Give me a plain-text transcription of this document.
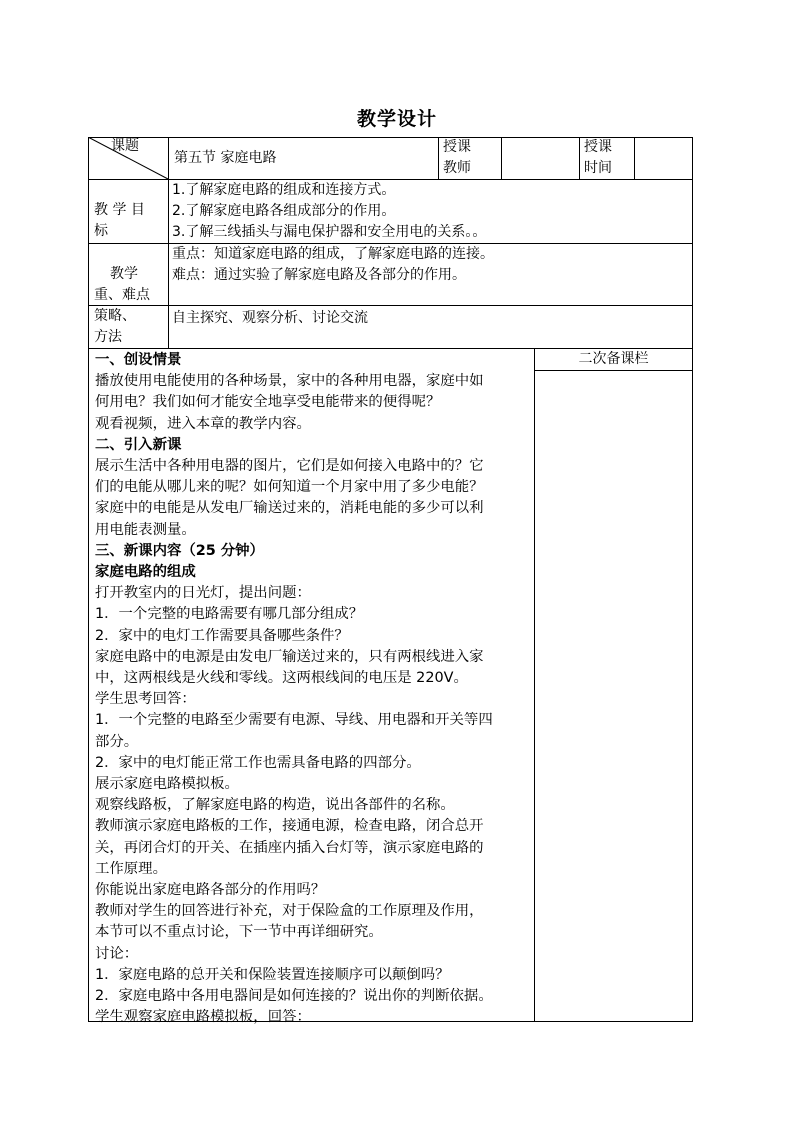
教学设计
课题
第五节 家庭电路
授课
教师
授课
时间
教 学 目
标
1.了解家庭电路的组成和连接方式。
2.了解家庭电路各组成部分的作用。
3.了解三线插头与漏电保护器和安全用电的关系。。
教学
重、难点
重点：知道家庭电路的组成，了解家庭电路的连接。
难点：通过实验了解家庭电路及各部分的作用。
策略、
方法
自主探究、观察分析、讨论交流
二次备课栏
一、创设情景
播放使用电能使用的各种场景，家中的各种用电器，家庭中如
何用电？我们如何才能安全地享受电能带来的便得呢？
观看视频，进入本章的教学内容。
二、引入新课
展示生活中各种用电器的图片，它们是如何接入电路中的？它
们的电能从哪儿来的呢？如何知道一个月家中用了多少电能？
家庭中的电能是从发电厂输送过来的，消耗电能的多少可以利
用电能表测量。
三、新课内容（25 分钟）
家庭电路的组成
打开教室内的日光灯，提出问题：
1．一个完整的电路需要有哪几部分组成？
2．家中的电灯工作需要具备哪些条件？
家庭电路中的电源是由发电厂输送过来的，只有两根线进入家
中，这两根线是火线和零线。这两根线间的电压是 220V。
学生思考回答：
1．一个完整的电路至少需要有电源、导线、用电器和开关等四
部分。
2．家中的电灯能正常工作也需具备电路的四部分。
展示家庭电路模拟板。
观察线路板，了解家庭电路的构造，说出各部件的名称。
教师演示家庭电路板的工作，接通电源，检查电路，闭合总开
关，再闭合灯的开关、在插座内插入台灯等，演示家庭电路的
工作原理。
你能说出家庭电路各部分的作用吗？
教师对学生的回答进行补充，对于保险盒的工作原理及作用，
本节可以不重点讨论，下一节中再详细研究。
讨论：
1．家庭电路的总开关和保险装置连接顺序可以颠倒吗？
2．家庭电路中各用电器间是如何连接的？说出你的判断依据。
学生观察家庭电路模拟板，回答：
